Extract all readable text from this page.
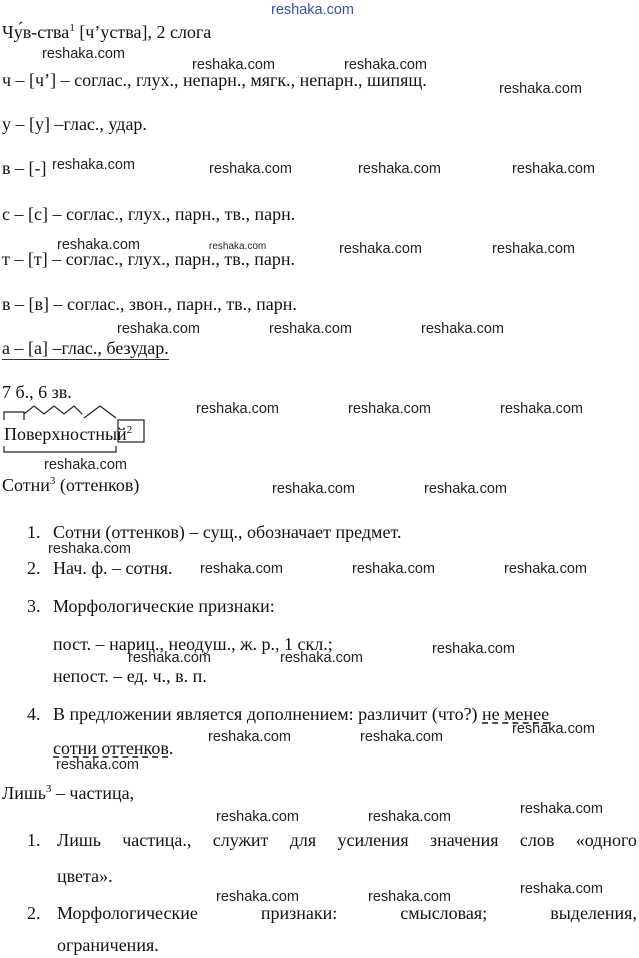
reshaka.com
Чу́в-ства$^1$ [ч’уства], 2 слога
ч – [ч’] – соглас., глух., непарн., мягк., непарн., шипящ.
у – [у] –глас., удар.
в – [-]
с – [с] – соглас., глух., парн., тв., парн.
т – [т] – соглас., глух., парн., тв., парн.
в – [в] – соглас., звон., парн., тв., парн.
а – [а] –глас., безудар.
7 б., 6 зв.
Поверхностный$^2$
Сотни$^3$ (оттенков)
1. Сотни (оттенков) – сущ., обозначает предмет.
2. Нач. ф. – сотня.
3. Морфологические признаки:
пост. – нариц., неодуш., ж. р., 1 скл.;
непост. – ед. ч., в. п.
4. В предложении является дополнением: различит (что?) не менее
сотни оттенков.
Лишь$^3$ – частица,
1. Лишь частица., служит для усиления значения слов «одного
цвета».
2. Морфологические	признаки:	смысловая;	выделения,
ограничения.
reshaka.com
reshaka.com	reshaka.com
reshaka.com
reshaka.com	reshaka.com	reshaka.com	reshaka.com
reshaka.com	reshaka.com	reshaka.com	reshaka.com
reshaka.com	reshaka.com	reshaka.com
reshaka.com	reshaka.com	reshaka.com
reshaka.com
reshaka.com	reshaka.com
reshaka.com
reshaka.com	reshaka.com	reshaka.com
reshaka.com
reshaka.com	reshaka.com
reshaka.com
reshaka.com	reshaka.com
reshaka.com
reshaka.com
reshaka.com	reshaka.com
reshaka.com
reshaka.com	reshaka.com
